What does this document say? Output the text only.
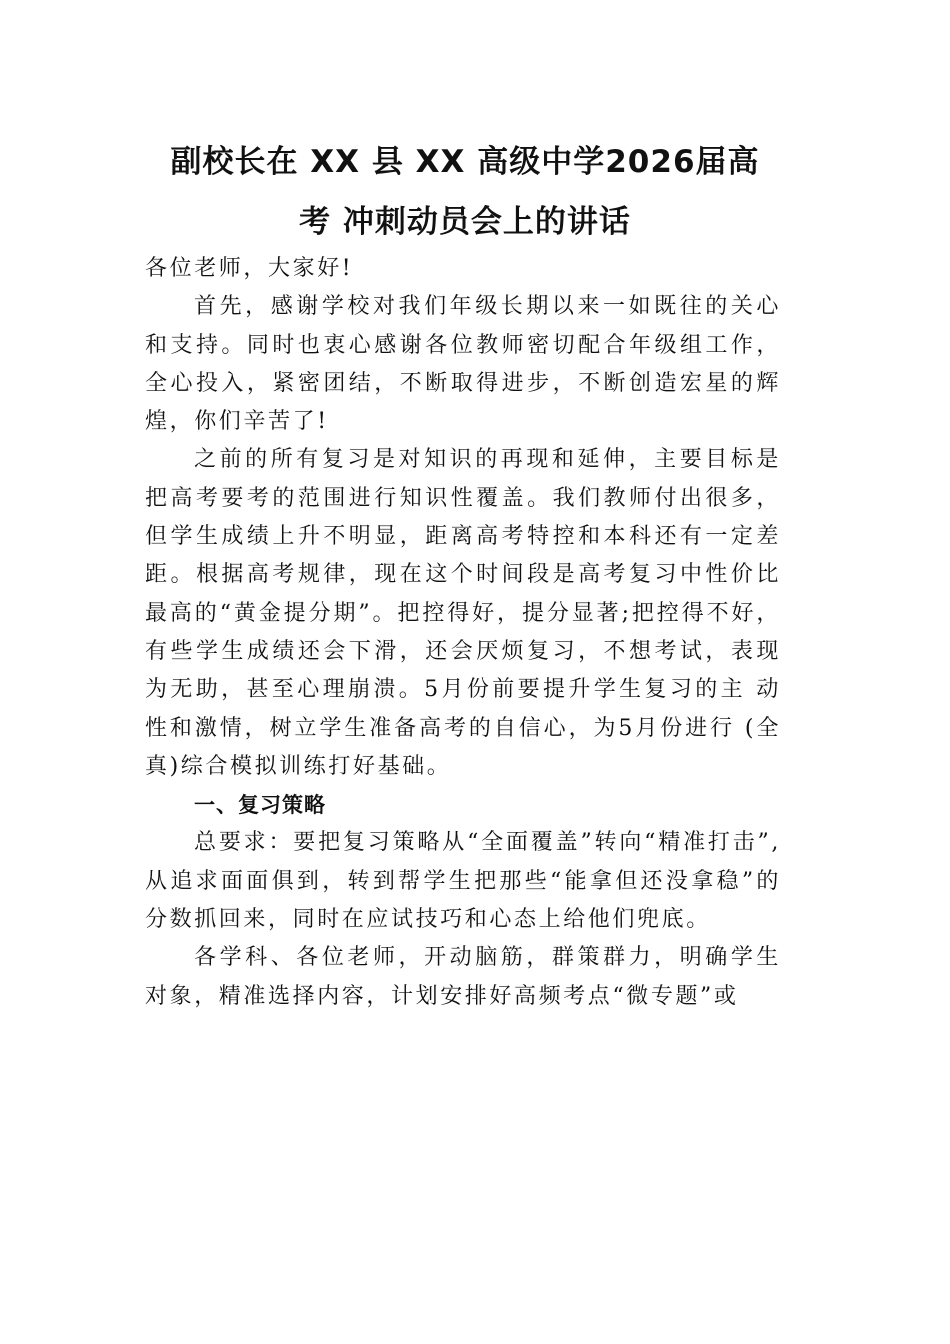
副校长在 XX 县 XX 高级中学2026届高
考 冲刺动员会上的讲话

各位老师，大家好!

首先，感谢学校对我们年级长期以来一如既往的关心和支持。同时也衷心感谢各位教师密切配合年级组工作，全心投入，紧密团结，不断取得进步，不断创造宏星的辉煌，你们辛苦了!

之前的所有复习是对知识的再现和延伸，主要目标是把高考要考的范围进行知识性覆盖。我们教师付出很多，但学生成绩上升不明显，距离高考特控和本科还有一定差距。根据高考规律，现在这个时间段是高考复习中性价比最高的“黄金提分期”。把控得好，提分显著;把控得不好，有些学生成绩还会下滑，还会厌烦复习，不想考试，表现为无助，甚至心理崩溃。5月份前要提升学生复习的主 动性和激情，树立学生准备高考的自信心，为5月份进行 (全真)综合模拟训练打好基础。

一、复习策略

总要求：要把复习策略从“全面覆盖”转向“精准打击”,从追求面面俱到，转到帮学生把那些“能拿但还没拿稳”的分数抓回来，同时在应试技巧和心态上给他们兜底。

各学科、各位老师，开动脑筋，群策群力，明确学生对象，精准选择内容，计划安排好高频考点“微专题”或
